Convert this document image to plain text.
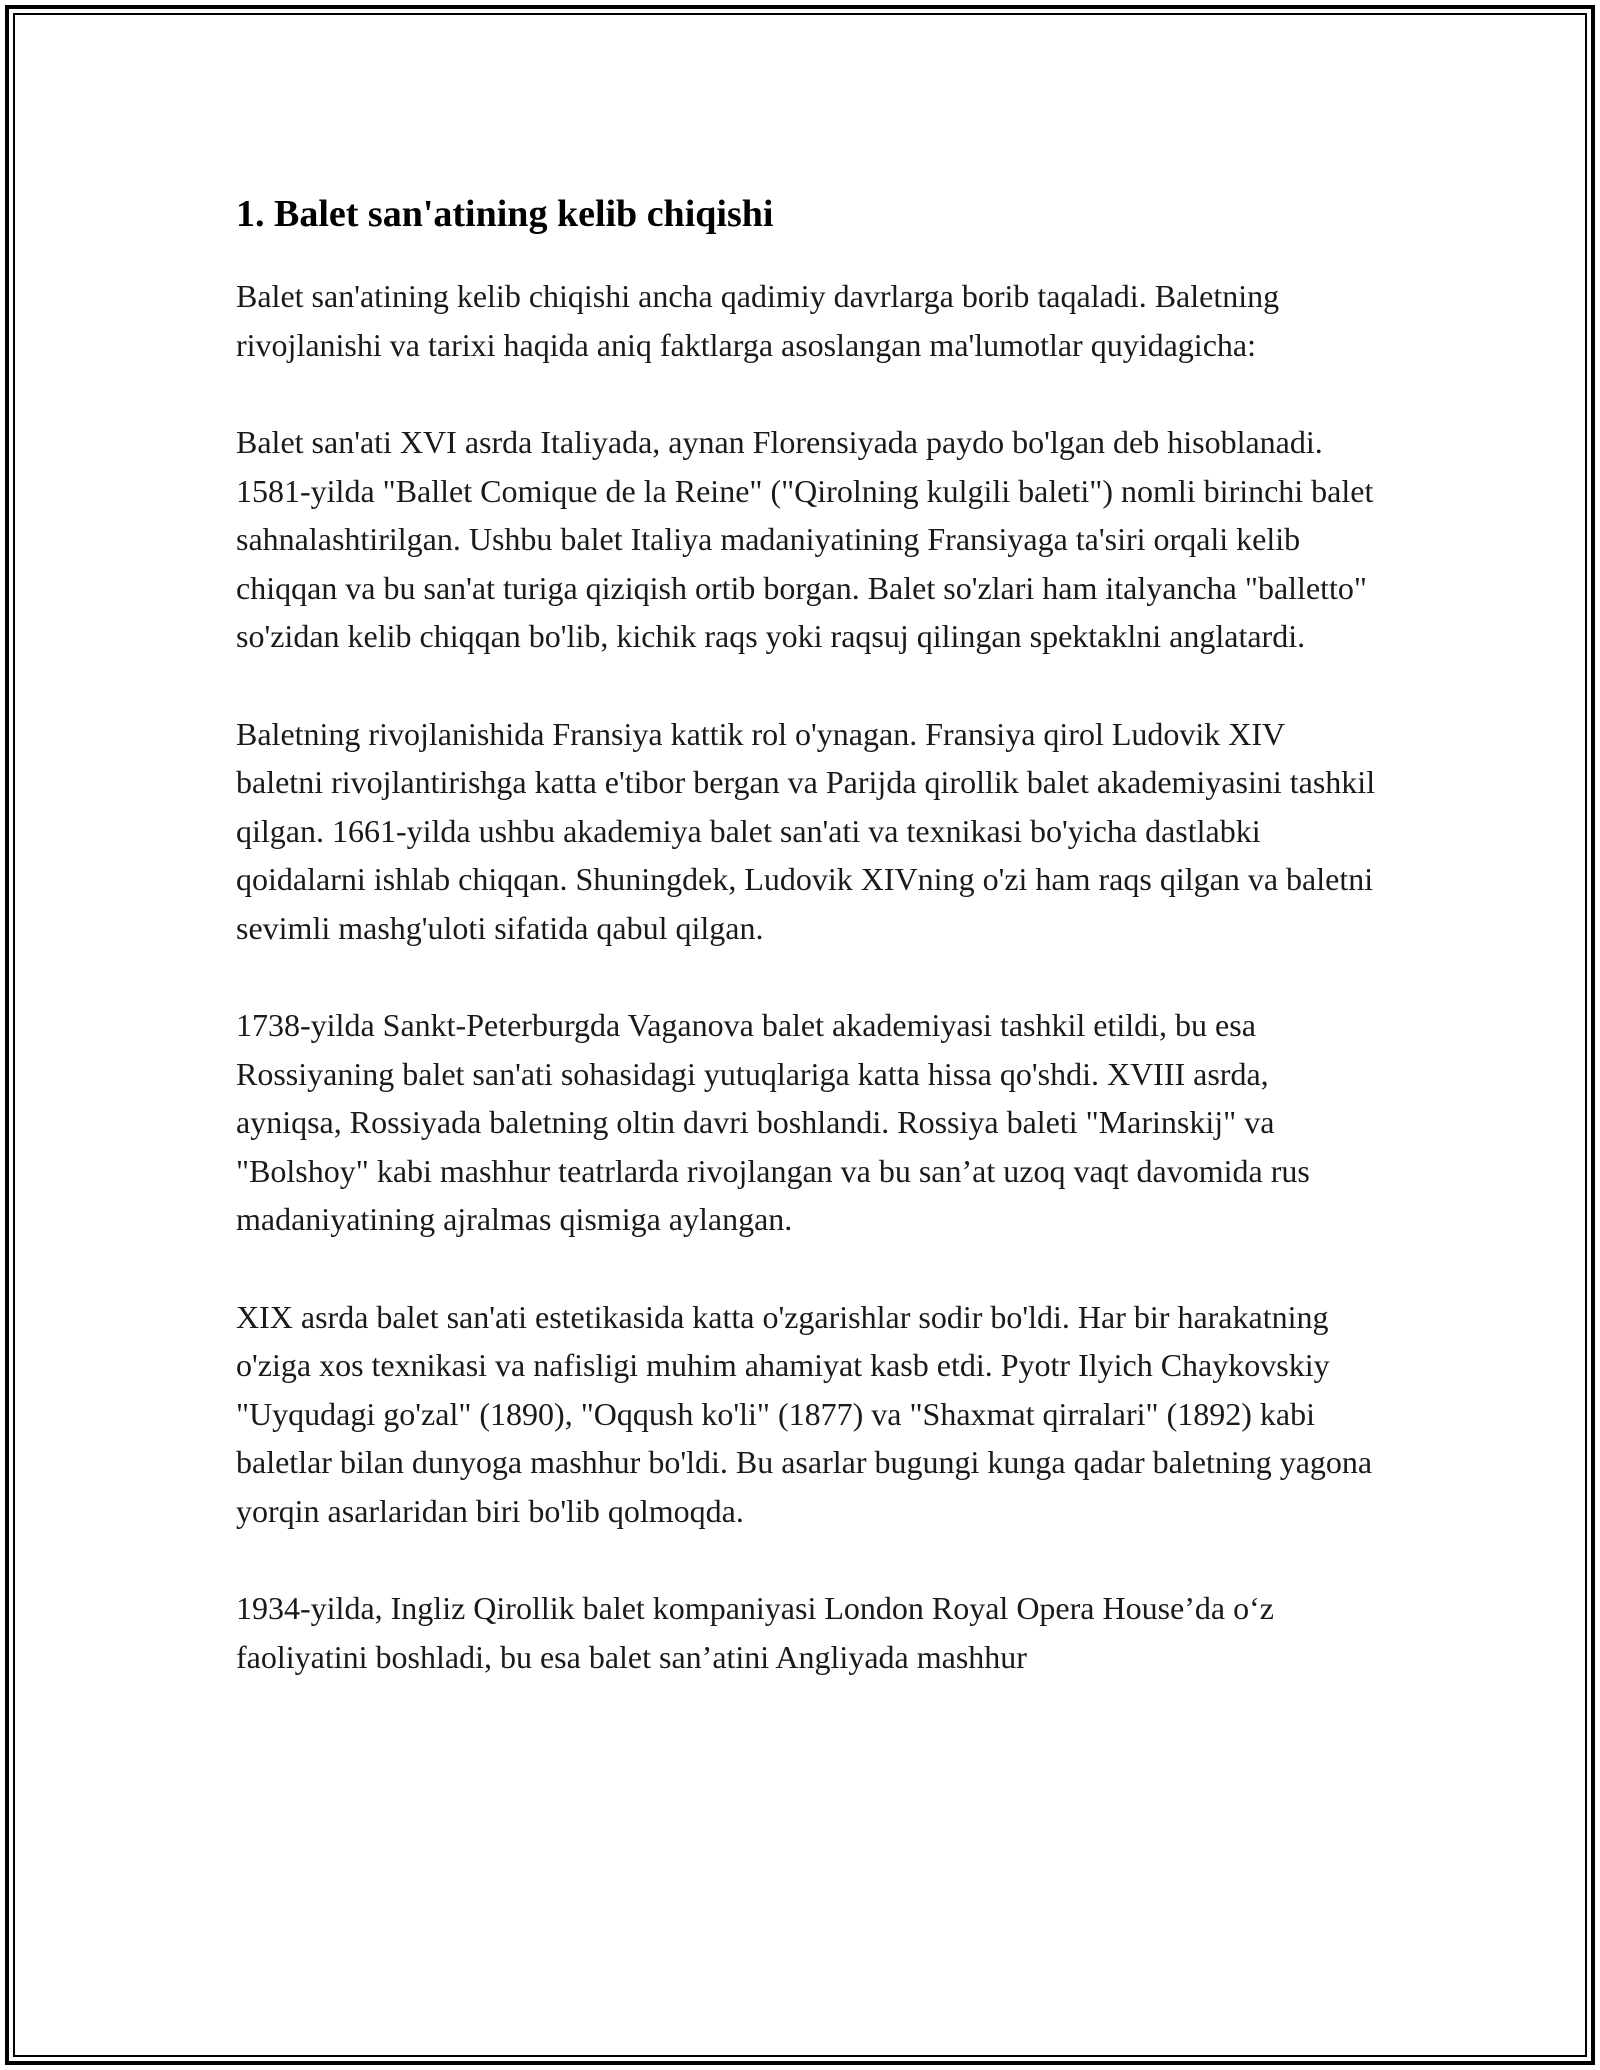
1. Balet san'atining kelib chiqishi

Balet san'atining kelib chiqishi ancha qadimiy davrlarga borib taqaladi. Baletning rivojlanishi va tarixi haqida aniq faktlarga asoslangan ma'lumotlar quyidagicha:

Balet san'ati XVI asrda Italiyada, aynan Florensiyada paydo bo'lgan deb hisoblanadi. 1581-yilda "Ballet Comique de la Reine" ("Qirolning kulgili baleti") nomli birinchi balet sahnalashtirilgan. Ushbu balet Italiya madaniyatining Fransiyaga ta'siri orqali kelib chiqqan va bu san'at turiga qiziqish ortib borgan. Balet so'zlari ham italyancha "balletto" so'zidan kelib chiqqan bo'lib, kichik raqs yoki raqsuj qilingan spektaklni anglatardi.

Baletning rivojlanishida Fransiya kattik rol o'ynagan. Fransiya qirol Ludovik XIV baletni rivojlantirishga katta e'tibor bergan va Parijda qirollik balet akademiyasini tashkil qilgan. 1661-yilda ushbu akademiya balet san'ati va texnikasi bo'yicha dastlabki qoidalarni ishlab chiqqan. Shuningdek, Ludovik XIVning o'zi ham raqs qilgan va baletni sevimli mashg'uloti sifatida qabul qilgan.

1738-yilda Sankt-Peterburgda Vaganova balet akademiyasi tashkil etildi, bu esa Rossiyaning balet san'ati sohasidagi yutuqlariga katta hissa qo'shdi. XVIII asrda, ayniqsa, Rossiyada baletning oltin davri boshlandi. Rossiya baleti "Marinskij" va "Bolshoy" kabi mashhur teatrlarda rivojlangan va bu san’at uzoq vaqt davomida rus madaniyatining ajralmas qismiga aylangan.

XIX asrda balet san'ati estetikasida katta o'zgarishlar sodir bo'ldi. Har bir harakatning o'ziga xos texnikasi va nafisligi muhim ahamiyat kasb etdi. Pyotr Ilyich Chaykovskiy "Uyqudagi go'zal" (1890), "Oqqush ko'li" (1877) va "Shaxmat qirralari" (1892) kabi baletlar bilan dunyoga mashhur bo'ldi. Bu asarlar bugungi kunga qadar baletning yagona yorqin asarlaridan biri bo'lib qolmoqda.

1934-yilda, Ingliz Qirollik balet kompaniyasi London Royal Opera House’da o‘z faoliyatini boshladi, bu esa balet san’atini Angliyada mashhur
